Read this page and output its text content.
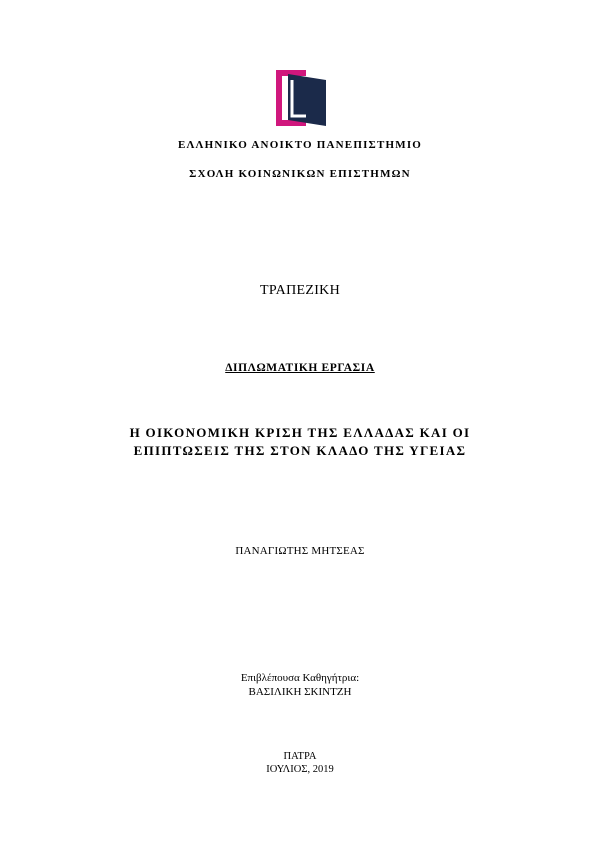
ΕΛΛΗΝΙΚΟ ΑΝΟΙΚΤΟ ΠΑΝΕΠΙΣΤΗΜΙΟ
ΣΧΟΛΗ ΚΟΙΝΩΝΙΚΩΝ ΕΠΙΣΤΗΜΩΝ
ΤΡΑΠΕΖΙΚΗ
ΔΙΠΛΩΜΑΤΙΚΗ ΕΡΓΑΣΙΑ
Η ΟΙΚΟΝΟΜΙΚΗ ΚΡΙΣΗ ΤΗΣ ΕΛΛΑΔΑΣ ΚΑΙ ΟΙ
ΕΠΙΠΤΩΣΕΙΣ ΤΗΣ ΣΤΟΝ ΚΛΑΔΟ ΤΗΣ ΥΓΕΙΑΣ
ΠΑΝΑΓΙΩΤΗΣ ΜΗΤΣΕΑΣ
Επιβλέπουσα Καθηγήτρια:
ΒΑΣΙΛΙΚΗ ΣΚΙΝΤΖΗ
ΠΑΤΡΑ
ΙΟΥΛΙΟΣ, 2019
